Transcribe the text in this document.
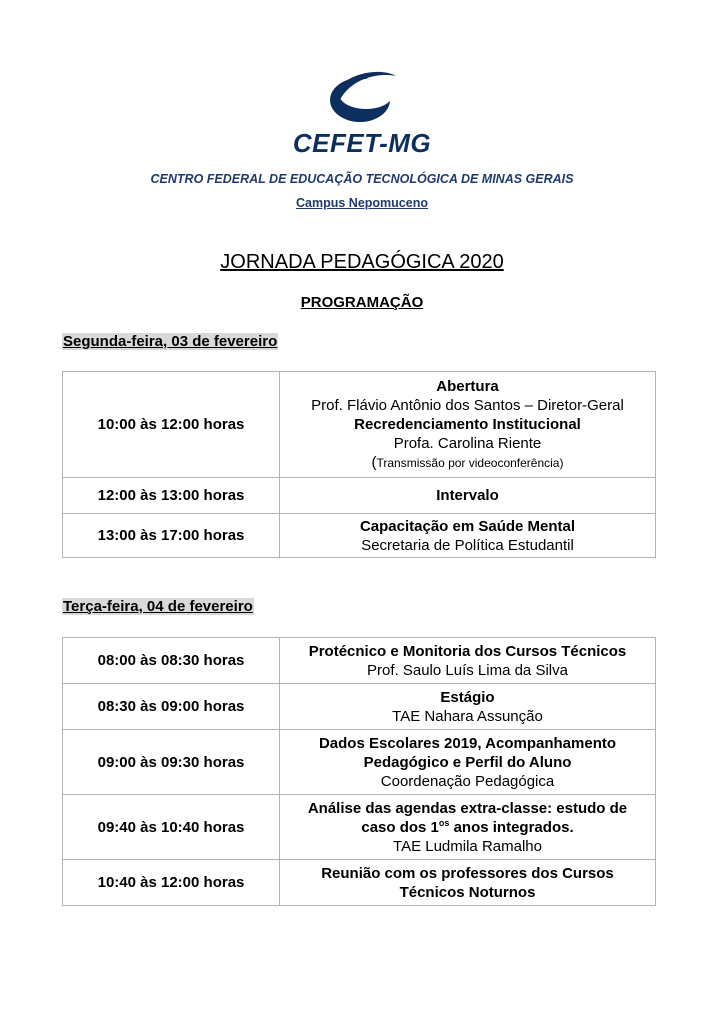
CEFET-MG
CENTRO FEDERAL DE EDUCAÇÃO TECNOLÓGICA DE MINAS GERAIS
Campus Nepomuceno
JORNADA PEDAGÓGICA 2020
PROGRAMAÇÃO
Segunda-feira, 03 de fevereiro
10:00 às 12:00 horas	Abertura
Prof. Flávio Antônio dos Santos – Diretor-Geral
Recredenciamento Institucional
Profa. Carolina Riente
(Transmissão por videoconferência)

12:00 às 13:00 horas	Intervalo

13:00 às 17:00 horas	Capacitação em Saúde Mental
Secretaria de Política Estudantil
Terça-feira, 04 de fevereiro
08:00 às 08:30 horas	Protécnico e Monitoria dos Cursos Técnicos
Prof. Saulo Luís Lima da Silva

08:30 às 09:00 horas	Estágio
TAE Nahara Assunção

09:00 às 09:30 horas	Dados Escolares 2019, Acompanhamento
Pedagógico e Perfil do Aluno
Coordenação Pedagógica

09:40 às 10:40 horas	Análise das agendas extra-classe: estudo de
caso dos $1^{os}$ anos integrados.
TAE Ludmila Ramalho

10:40 às 12:00 horas	Reunião com os professores dos Cursos
Técnicos Noturnos
